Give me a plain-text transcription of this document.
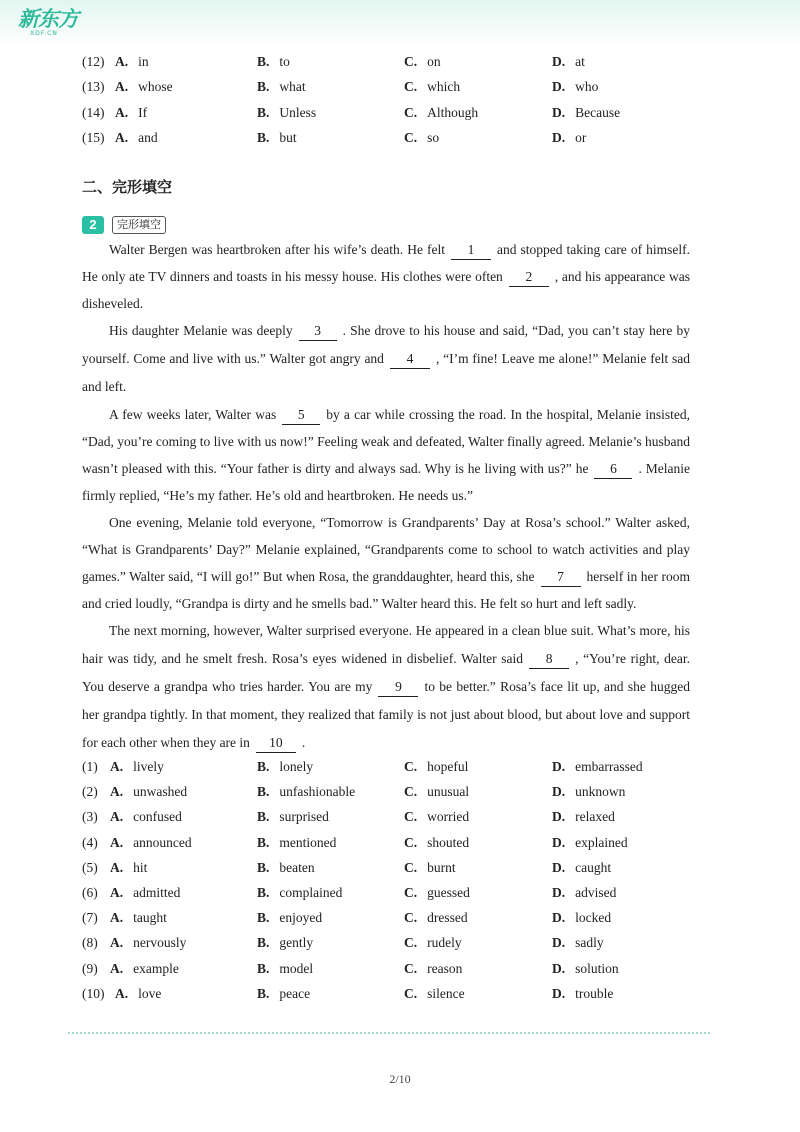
新东方
XDF.CN
(12) A. in	B. to	C. on	D. at
(13) A. whose	B. what	C. which	D. who
(14) A. If	B. Unless	C. Although	D. Because
(15) A. and	B. but	C. so	D. or
二、完形填空
2	完形填空

Walter Bergen was heartbroken after his wife’s death. He felt 1 and stopped taking care of himself. He only ate TV dinners and toasts in his messy house. His clothes were often 2 , and his appearance was disheveled.

His daughter Melanie was deeply 3 . She drove to his house and said, “Dad, you can’t stay here by yourself. Come and live with us.” Walter got angry and 4 , “I’m fine! Leave me alone!” Melanie felt sad and left.

A few weeks later, Walter was 5 by a car while crossing the road. In the hospital, Melanie insisted, “Dad, you’re coming to live with us now!” Feeling weak and defeated, Walter finally agreed. Melanie’s husband wasn’t pleased with this. “Your father is dirty and always sad. Why is he living with us?” he 6 . Melanie firmly replied, “He’s my father. He’s old and heartbroken. He needs us.”

One evening, Melanie told everyone, “Tomorrow is Grandparents’ Day at Rosa’s school.” Walter asked, “What is Grandparents’ Day?” Melanie explained, “Grandparents come to school to watch activities and play games.” Walter said, “I will go!” But when Rosa, the granddaughter, heard this, she 7 herself in her room and cried loudly, “Grandpa is dirty and he smells bad.” Walter heard this. He felt so hurt and left sadly.

The next morning, however, Walter surprised everyone. He appeared in a clean blue suit. What’s more, his hair was tidy, and he smelt fresh. Rosa’s eyes widened in disbelief. Walter said 8 , “You’re right, dear. You deserve a grandpa who tries harder. You are my 9 to be better.” Rosa’s face lit up, and she hugged her grandpa tightly. In that moment, they realized that family is not just about blood, but about love and support for each other when they are in 10 .

(1) A. lively	B. lonely	C. hopeful	D. embarrassed
(2) A. unwashed	B. unfashionable	C. unusual	D. unknown
(3) A. confused	B. surprised	C. worried	D. relaxed
(4) A. announced	B. mentioned	C. shouted	D. explained
(5) A. hit	B. beaten	C. burnt	D. caught
(6) A. admitted	B. complained	C. guessed	D. advised
(7) A. taught	B. enjoyed	C. dressed	D. locked
(8) A. nervously	B. gently	C. rudely	D. sadly
(9) A. example	B. model	C. reason	D. solution
(10) A. love	B. peace	C. silence	D. trouble
2/10
